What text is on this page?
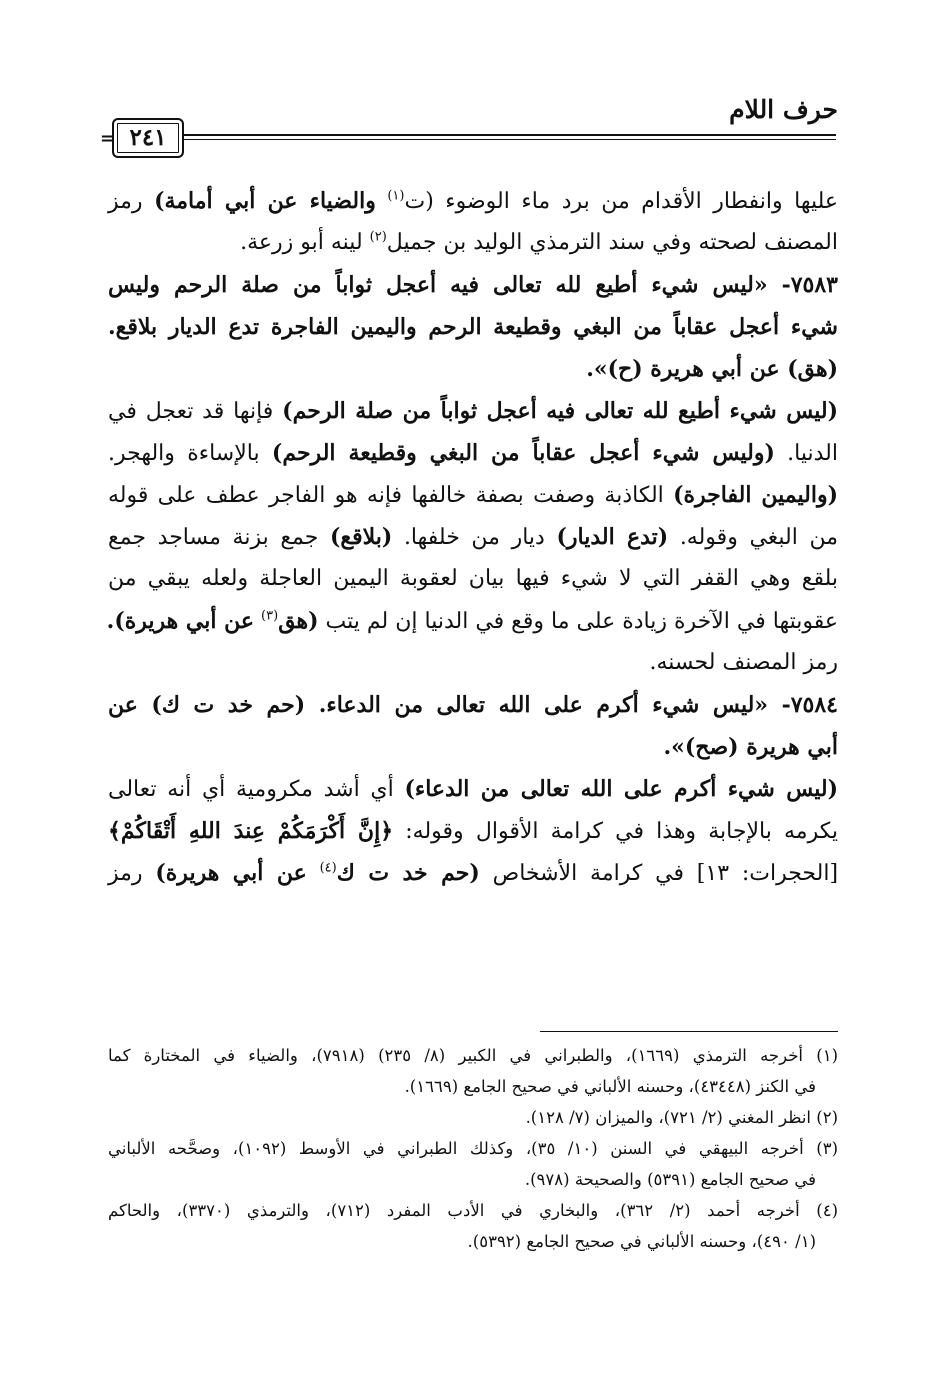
حرف اللام
= ٢٤١
عليها وانفطار الأقدام من برد ماء الوضوء (ت$^{(١)}$ والضياء عن أبي أمامة) رمز
المصنف لصحته وفي سند الترمذي الوليد بن جميل$^{(٢)}$ لينه أبو زرعة.
٧٥٨٣- «ليس شيء أطيع لله تعالى فيه أعجل ثواباً من صلة الرحم وليس
شيء أعجل عقاباً من البغي وقطيعة الرحم واليمين الفاجرة تدع الديار بلاقع.
(هق) عن أبي هريرة (ح)».
(ليس شيء أطيع لله تعالى فيه أعجل ثواباً من صلة الرحم) فإنها قد تعجل في
الدنيا. (وليس شيء أعجل عقاباً من البغي وقطيعة الرحم) بالإساءة والهجر.
(واليمين الفاجرة) الكاذبة وصفت بصفة خالفها فإنه هو الفاجر عطف على قوله
من البغي وقوله. (تدع الديار) ديار من خلفها. (بلاقع) جمع بزنة مساجد جمع
بلقع وهي القفر التي لا شيء فيها بيان لعقوبة اليمين العاجلة ولعله يبقي من
عقوبتها في الآخرة زيادة على ما وقع في الدنيا إن لم يتب (هق$^{(٣)}$ عن أبي هريرة).
رمز المصنف لحسنه.
٧٥٨٤- «ليس شيء أكرم على الله تعالى من الدعاء. (حم خد ت ك) عن
أبي هريرة (صح)».
(ليس شيء أكرم على الله تعالى من الدعاء) أي أشد مكرومية أي أنه تعالى
يكرمه بالإجابة وهذا في كرامة الأقوال وقوله: ﴿إِنَّ أَكْرَمَكُمْ عِندَ اللهِ أَتْقَاكُمْ﴾
[الحجرات: ١٣] في كرامة الأشخاص (حم خد ت ك$^{(٤)}$ عن أبي هريرة) رمز
(١) أخرجه الترمذي (١٦٦٩)، والطبراني في الكبير (٨/ ٢٣٥) (٧٩١٨)، والضياء في المختارة كما
في الكنز (٤٣٤٤٨)، وحسنه الألباني في صحيح الجامع (١٦٦٩).
(٢) انظر المغني (٢/ ٧٢١)، والميزان (٧/ ١٢٨).
(٣) أخرجه البيهقي في السنن (١٠/ ٣٥)، وكذلك الطبراني في الأوسط (١٠٩٢)، وصحَّحه الألباني
في صحيح الجامع (٥٣٩١) والصحيحة (٩٧٨).
(٤) أخرجه أحمد (٢/ ٣٦٢)، والبخاري في الأدب المفرد (٧١٢)، والترمذي (٣٣٧٠)، والحاكم
(١/ ٤٩٠)، وحسنه الألباني في صحيح الجامع (٥٣٩٢).
